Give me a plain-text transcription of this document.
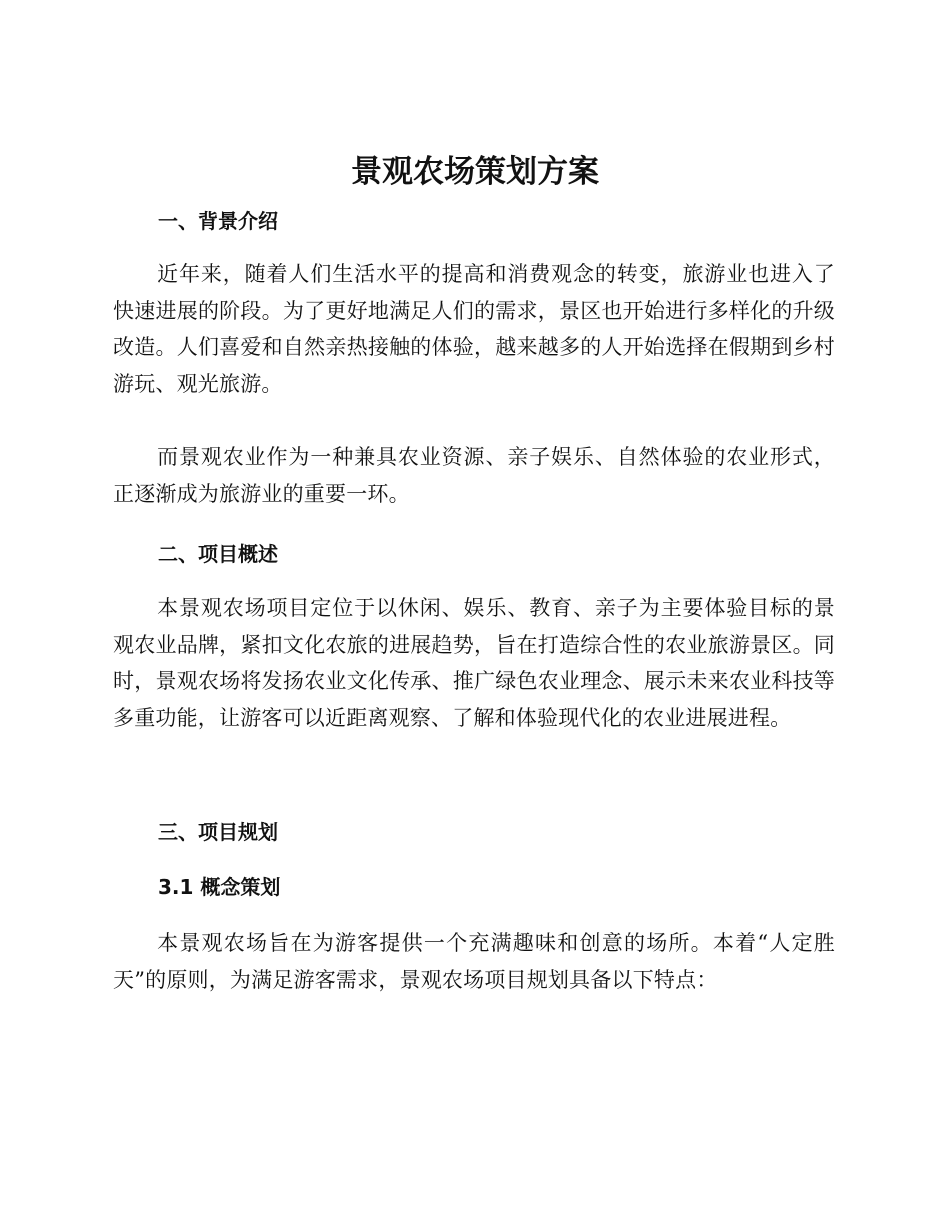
景观农场策划方案
一、背景介绍

近年来，随着人们生活水平的提高和消费观念的转变，旅游业也进入了快速进展的阶段。为了更好地满足人们的需求，景区也开始进行多样化的升级改造。人们喜爱和自然亲热接触的体验，越来越多的人开始选择在假期到乡村游玩、观光旅游。

而景观农业作为一种兼具农业资源、亲子娱乐、自然体验的农业形式，正逐渐成为旅游业的重要一环。

二、项目概述

本景观农场项目定位于以休闲、娱乐、教育、亲子为主要体验目标的景观农业品牌，紧扣文化农旅的进展趋势，旨在打造综合性的农业旅游景区。同时，景观农场将发扬农业文化传承、推广绿色农业理念、展示未来农业科技等多重功能，让游客可以近距离观察、了解和体验现代化的农业进展进程。

三、项目规划
3.1 概念策划

本景观农场旨在为游客提供一个充满趣味和创意的场所。本着“人定胜天”的原则，为满足游客需求，景观农场项目规划具备以下特点：
